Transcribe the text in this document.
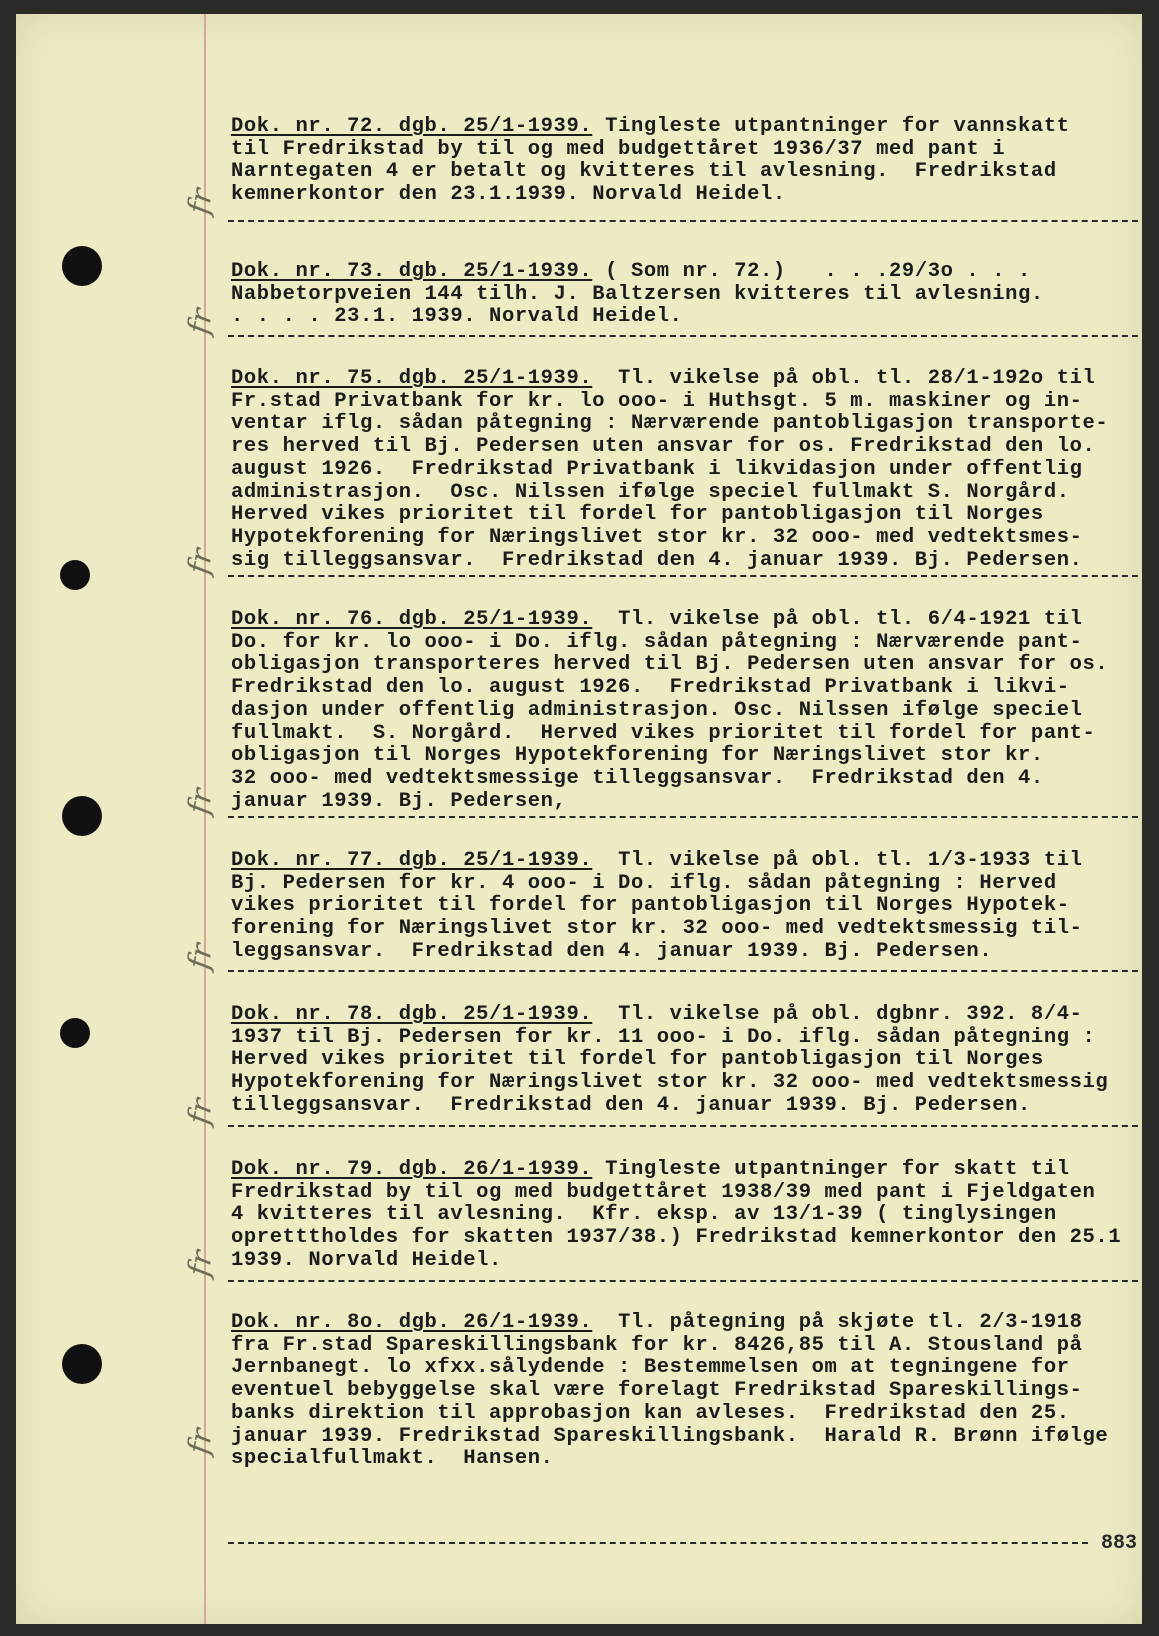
Dok. nr. 72. dgb. 25/1-1939. Tingleste utpantninger for vannskatt
til Fredrikstad by til og med budgettåret 1936/37 med pant i
Narntegaten 4 er betalt og kvitteres til avlesning.  Fredrikstad
kemnerkontor den 23.1.1939. Norvald Heidel.
fr
Dok. nr. 73. dgb. 25/1-1939. ( Som nr. 72.)   . . .29/3o . . .
Nabbetorpveien 144 tilh. J. Baltzersen kvitteres til avlesning.
. . . . 23.1. 1939. Norvald Heidel.
fr
Dok. nr. 75. dgb. 25/1-1939.  Tl. vikelse på obl. tl. 28/1-192o til
Fr.stad Privatbank for kr. lo ooo- i Huthsgt. 5 m. maskiner og in-
ventar iflg. sådan påtegning : Nærværende pantobligasjon transporte-
res herved til Bj. Pedersen uten ansvar for os. Fredrikstad den lo.
august 1926.  Fredrikstad Privatbank i likvidasjon under offentlig
administrasjon.  Osc. Nilssen ifølge speciel fullmakt S. Norgård.
Herved vikes prioritet til fordel for pantobligasjon til Norges
Hypotekforening for Næringslivet stor kr. 32 ooo- med vedtektsmes-
sig tilleggsansvar.  Fredrikstad den 4. januar 1939. Bj. Pedersen.
fr
Dok. nr. 76. dgb. 25/1-1939.  Tl. vikelse på obl. tl. 6/4-1921 til
Do. for kr. lo ooo- i Do. iflg. sådan påtegning : Nærværende pant-
obligasjon transporteres herved til Bj. Pedersen uten ansvar for os.
Fredrikstad den lo. august 1926.  Fredrikstad Privatbank i likvi-
dasjon under offentlig administrasjon. Osc. Nilssen ifølge speciel
fullmakt.  S. Norgård.  Herved vikes prioritet til fordel for pant-
obligasjon til Norges Hypotekforening for Næringslivet stor kr.
32 ooo- med vedtektsmessige tilleggsansvar.  Fredrikstad den 4.
januar 1939. Bj. Pedersen,
fr
Dok. nr. 77. dgb. 25/1-1939.  Tl. vikelse på obl. tl. 1/3-1933 til
Bj. Pedersen for kr. 4 ooo- i Do. iflg. sådan påtegning : Herved
vikes prioritet til fordel for pantobligasjon til Norges Hypotek-
forening for Næringslivet stor kr. 32 ooo- med vedtektsmessig til-
leggsansvar.  Fredrikstad den 4. januar 1939. Bj. Pedersen.
fr
Dok. nr. 78. dgb. 25/1-1939.  Tl. vikelse på obl. dgbnr. 392. 8/4-
1937 til Bj. Pedersen for kr. 11 ooo- i Do. iflg. sådan påtegning :
Herved vikes prioritet til fordel for pantobligasjon til Norges
Hypotekforening for Næringslivet stor kr. 32 ooo- med vedtektsmessig
tilleggsansvar.  Fredrikstad den 4. januar 1939. Bj. Pedersen.
fr
Dok. nr. 79. dgb. 26/1-1939. Tingleste utpantninger for skatt til
Fredrikstad by til og med budgettåret 1938/39 med pant i Fjeldgaten
4 kvitteres til avlesning.  Kfr. eksp. av 13/1-39 ( tinglysingen
opretttholdes for skatten 1937/38.) Fredrikstad kemnerkontor den 25.1
1939. Norvald Heidel.
fr
Dok. nr. 8o. dgb. 26/1-1939.  Tl. påtegning på skjøte tl. 2/3-1918
fra Fr.stad Spareskillingsbank for kr. 8426,85 til A. Stousland på
Jernbanegt. lo xfxx.sålydende : Bestemmelsen om at tegningene for
eventuel bebyggelse skal være forelagt Fredrikstad Spareskillings-
banks direktion til approbasjon kan avleses.  Fredrikstad den 25.
januar 1939. Fredrikstad Spareskillingsbank.  Harald R. Brønn ifølge
specialfullmakt.  Hansen.
fr
883
